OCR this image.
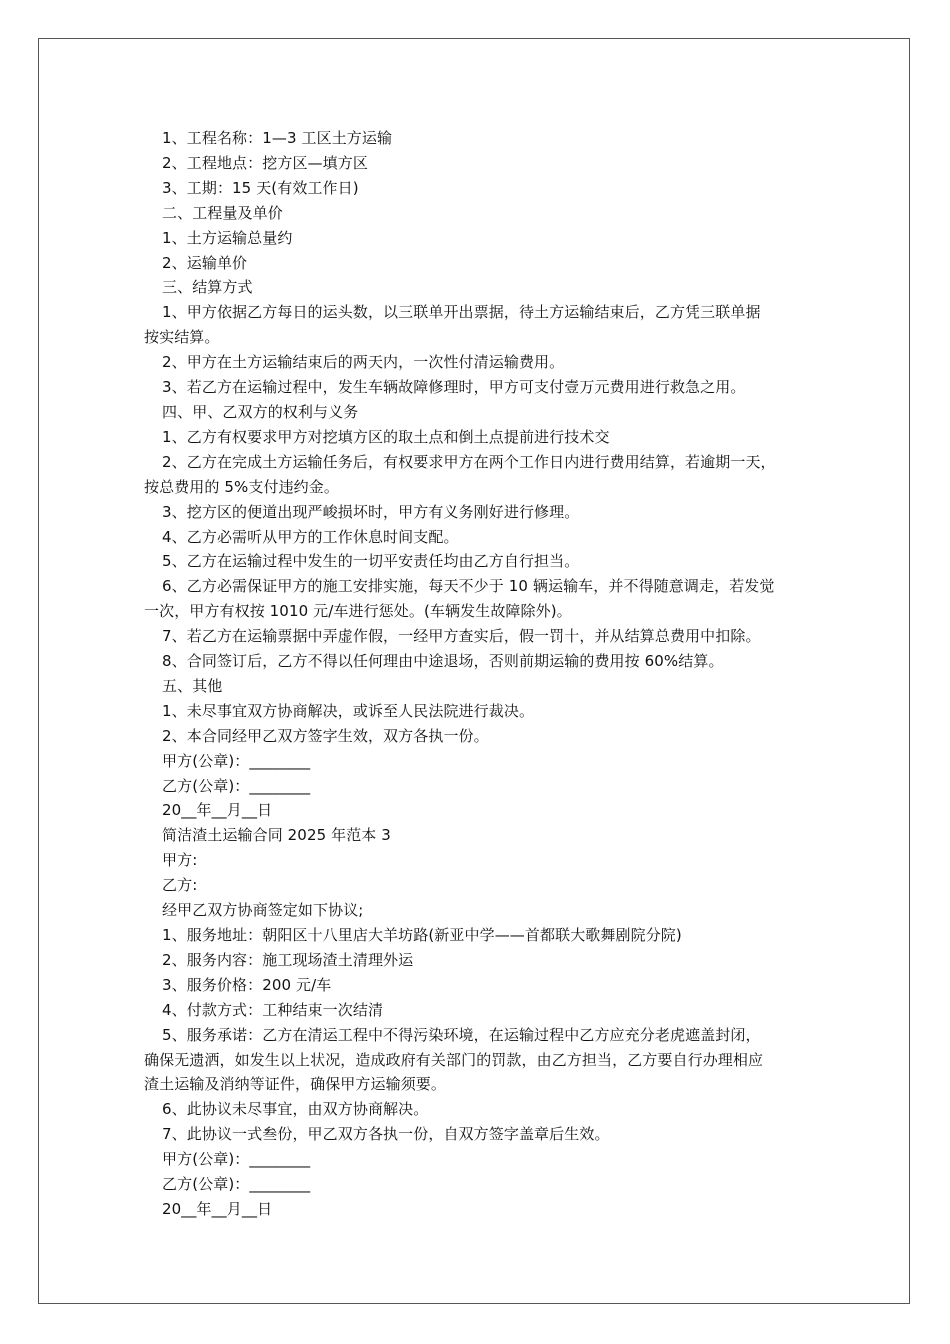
1、工程名称：1—3 工区土方运输
2、工程地点：挖方区—填方区
3、工期：15 天(有效工作日)
二、工程量及单价
1、土方运输总量约
2、运输单价
三、结算方式
1、甲方依据乙方每日的运头数，以三联单开出票据，待土方运输结束后，乙方凭三联单据
按实结算。
2、甲方在土方运输结束后的两天内，一次性付清运输费用。
3、若乙方在运输过程中，发生车辆故障修理时，甲方可支付壹万元费用进行救急之用。
四、甲、乙双方的权利与义务
1、乙方有权要求甲方对挖填方区的取土点和倒土点提前进行技术交
2、乙方在完成土方运输任务后，有权要求甲方在两个工作日内进行费用结算，若逾期一天，
按总费用的 5%支付违约金。
3、挖方区的便道出现严峻损坏时，甲方有义务刚好进行修理。
4、乙方必需听从甲方的工作休息时间支配。
5、乙方在运输过程中发生的一切平安责任均由乙方自行担当。
6、乙方必需保证甲方的施工安排实施，每天不少于 10 辆运输车，并不得随意调走，若发觉
一次，甲方有权按 1010 元/车进行惩处。(车辆发生故障除外)。
7、若乙方在运输票据中弄虚作假，一经甲方查实后，假一罚十，并从结算总费用中扣除。
8、合同签订后，乙方不得以任何理由中途退场，否则前期运输的费用按 60%结算。
五、其他
1、未尽事宜双方协商解决，或诉至人民法院进行裁决。
2、本合同经甲乙双方签字生效，双方各执一份。
甲方(公章)：________
乙方(公章)：________
20__年__月__日
简洁渣土运输合同 2025 年范本 3
甲方:
乙方:
经甲乙双方协商签定如下协议;
1、服务地址：朝阳区十八里店大羊坊路(新亚中学——首都联大歌舞剧院分院)
2、服务内容：施工现场渣土清理外运
3、服务价格：200 元/车
4、付款方式：工种结束一次结清
5、服务承诺：乙方在清运工程中不得污染环境，在运输过程中乙方应充分老虎遮盖封闭，
确保无遗洒，如发生以上状况，造成政府有关部门的罚款，由乙方担当，乙方要自行办理相应
渣土运输及消纳等证件，确保甲方运输须要。
6、此协议未尽事宜，由双方协商解决。
7、此协议一式叁份，甲乙双方各执一份，自双方签字盖章后生效。
甲方(公章)：________
乙方(公章)：________
20__年__月__日
